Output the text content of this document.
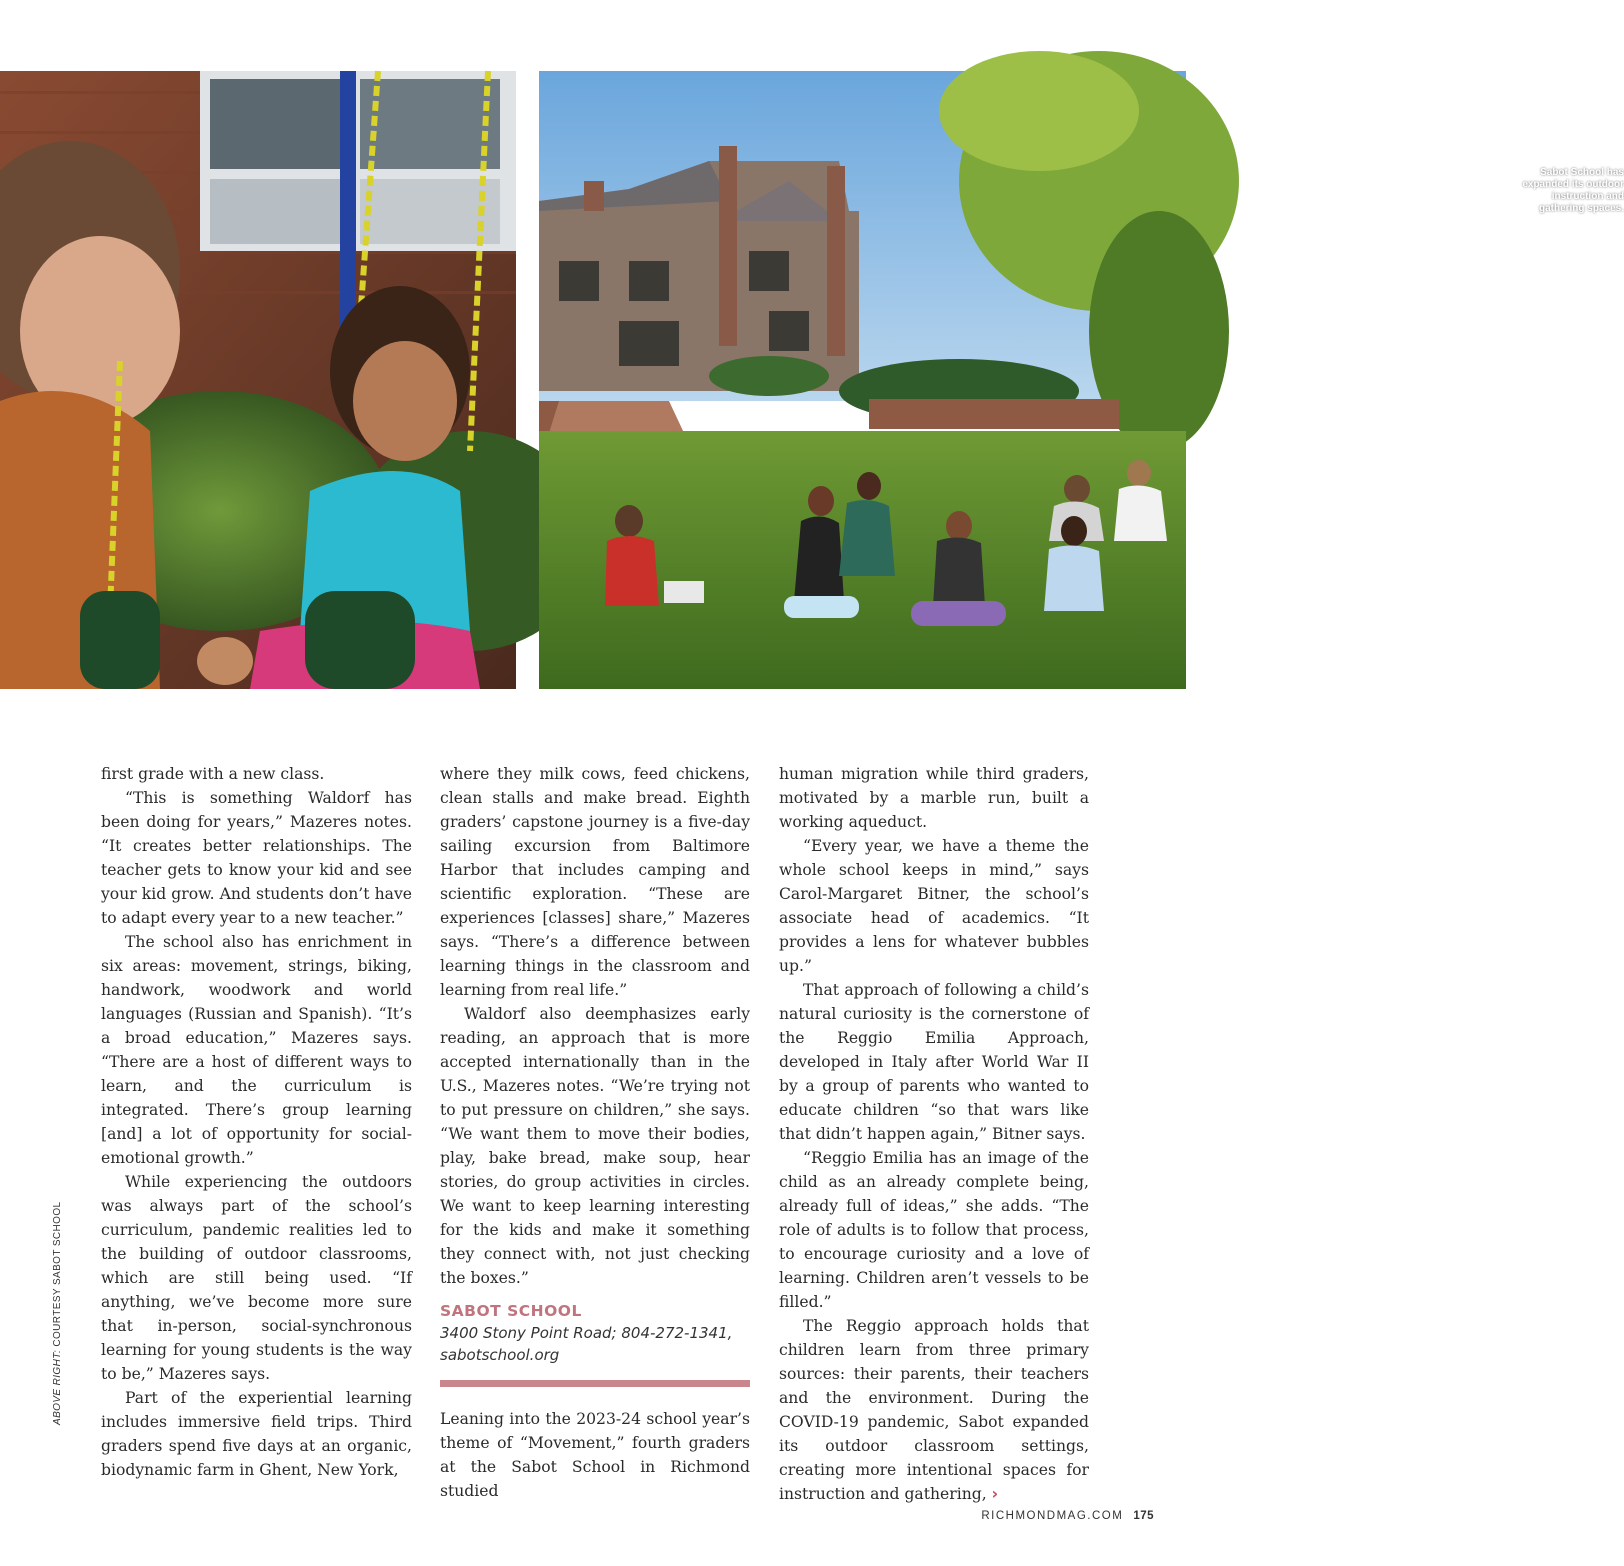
Sabot School has expanded its outdoor instruction and gathering spaces.
ABOVE RIGHT: COURTESY SABOT SCHOOL

first grade with a new class.

“This is something Waldorf has been doing for years,” Mazeres notes. “It creates better relationships. The teacher gets to know your kid and see your kid grow. And students don’t have to adapt every year to a new teacher.”

The school also has enrichment in six areas: movement, strings, biking, handwork, woodwork and world languages (Russian and Spanish). “It’s a broad education,” Mazeres says. “There are a host of different ways to learn, and the curriculum is integrated. There’s group learning [and] a lot of opportunity for social-emotional growth.”

While experiencing the outdoors was always part of the school’s curriculum, pandemic realities led to the building of outdoor classrooms, which are still being used. “If anything, we’ve become more sure that in-person, social-synchronous learning for young students is the way to be,” Mazeres says.

Part of the experiential learning includes immersive field trips. Third graders spend five days at an organic, biodynamic farm in Ghent, New York,

where they milk cows, feed chickens, clean stalls and make bread. Eighth graders’ capstone journey is a five-day sailing excursion from Baltimore Harbor that includes camping and scientific exploration. “These are experiences [classes] share,” Mazeres says. “There’s a difference between learning things in the classroom and learning from real life.”

Waldorf also deemphasizes early reading, an approach that is more accepted internationally than in the U.S., Mazeres notes. “We’re trying not to put pressure on children,” she says. “We want them to move their bodies, play, bake bread, make soup, hear stories, do group activities in circles. We want to keep learning interesting for the kids and make it something they connect with, not just checking the boxes.”

SABOT SCHOOL
3400 Stony Point Road; 804-272-1341,
sabotschool.org

Leaning into the 2023-24 school year’s theme of “Movement,” fourth graders at the Sabot School in Richmond studied

human migration while third graders, motivated by a marble run, built a working aqueduct.

“Every year, we have a theme the whole school keeps in mind,” says Carol-Margaret Bitner, the school’s associate head of academics. “It provides a lens for whatever bubbles up.”

That approach of following a child’s natural curiosity is the cornerstone of the Reggio Emilia Approach, developed in Italy after World War II by a group of parents who wanted to educate children “so that wars like that didn’t happen again,” Bitner says.

“Reggio Emilia has an image of the child as an already complete being, already full of ideas,” she adds. “The role of adults is to follow that process, to encourage curiosity and a love of learning. Children aren’t vessels to be filled.”

The Reggio approach holds that children learn from three primary sources: their parents, their teachers and the environment. During the COVID-19 pandemic, Sabot expanded its outdoor classroom settings, creating more intentional spaces for instruction and gathering, ›

RICHMONDMAG.COM 175
